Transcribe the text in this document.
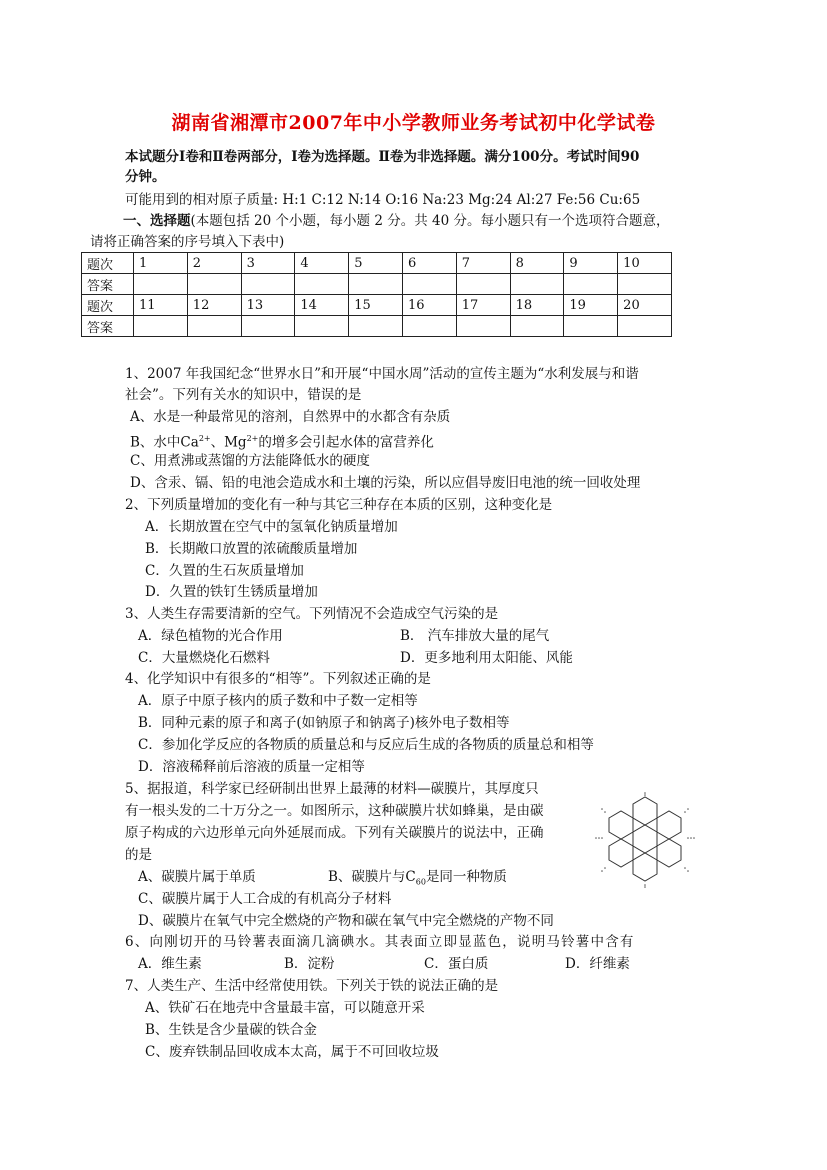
湖南省湘潭市2007年中小学教师业务考试初中化学试卷
本试题分Ⅰ卷和Ⅱ卷两部分，Ⅰ卷为选择题。Ⅱ卷为非选择题。满分100分。考试时间90
分钟。
可能用到的相对原子质量: H:1 C:12 N:14 O:16 Na:23 Mg:24 Al:27 Fe:56 Cu:65
一、选择题(本题包括 20 个小题，每小题 2 分。共 40 分。每小题只有一个选项符合题意，
请将正确答案的序号填入下表中)
题次	1	2	3	4	5	6	7	8	9	10
答案										
题次	11	12	13	14	15	16	17	18	19	20
答案										
1、2007 年我国纪念“世界水日”和开展“中国水周”活动的宣传主题为“水利发展与和谐
社会”。下列有关水的知识中，错误的是
A、水是一种最常见的溶剂，自然界中的水都含有杂质
B、水中$Ca^{2+}$、$Mg^{2+}$的增多会引起水体的富营养化
C、用煮沸或蒸馏的方法能降低水的硬度
D、含汞、镉、铅的电池会造成水和土壤的污染，所以应倡导废旧电池的统一回收处理
2、下列质量增加的变化有一种与其它三种存在本质的区别，这种变化是
A．长期放置在空气中的氢氧化钠质量增加
B．长期敞口放置的浓硫酸质量增加
C．久置的生石灰质量增加
D．久置的铁钉生锈质量增加
3、人类生存需要清新的空气。下列情况不会造成空气污染的是
A．绿色植物的光合作用	B． 汽车排放大量的尾气
C．大量燃烧化石燃料	D．更多地利用太阳能、风能
4、化学知识中有很多的“相等”。下列叙述正确的是
A．原子中原子核内的质子数和中子数一定相等
B．同种元素的原子和离子(如钠原子和钠离子)核外电子数相等
C．参加化学反应的各物质的质量总和与反应后生成的各物质的质量总和相等
D．溶液稀释前后溶液的质量一定相等
5、据报道，科学家已经研制出世界上最薄的材料—碳膜片，其厚度只
有一根头发的二十万分之一。如图所示，这种碳膜片状如蜂巢，是由碳
原子构成的六边形单元向外延展而成。下列有关碳膜片的说法中，正确
的是
A、碳膜片属于单质	B、碳膜片与$C_{60}$是同一种物质
C、碳膜片属于人工合成的有机高分子材料
D、碳膜片在氧气中完全燃烧的产物和碳在氧气中完全燃烧的产物不同
6、向刚切开的马铃薯表面滴几滴碘水。其表面立即显蓝色，说明马铃薯中含有
A．维生素	B．淀粉	C．蛋白质	D．纤维素
7、人类生产、生活中经常使用铁。下列关于铁的说法正确的是
A、铁矿石在地壳中含量最丰富，可以随意开采
B、生铁是含少量碳的铁合金
C、废弃铁制品回收成本太高，属于不可回收垃圾
